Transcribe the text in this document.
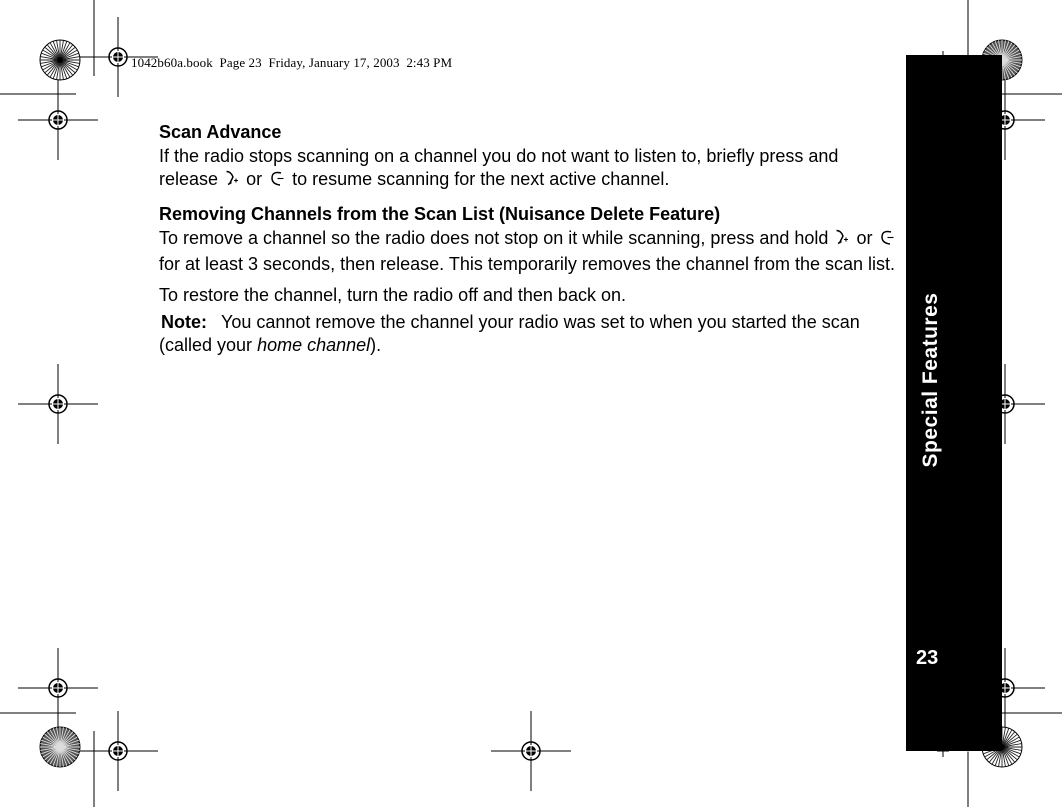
1042b60a.book  Page 23  Friday, January 17, 2003  2:43 PM
Special Features
23

Scan Advance

If the radio stops scanning on a channel you do not want to listen to, briefly press and release or to resume scanning for the next active channel.

Removing Channels from the Scan List (Nuisance Delete Feature)

To remove a channel so the radio does not stop on it while scanning, press and hold or  for at least 3 seconds, then release. This temporarily removes the channel from the scan list.

To restore the channel, turn the radio off and then back on.

Note: You cannot remove the channel your radio was set to when you started the scan (called your home channel).
